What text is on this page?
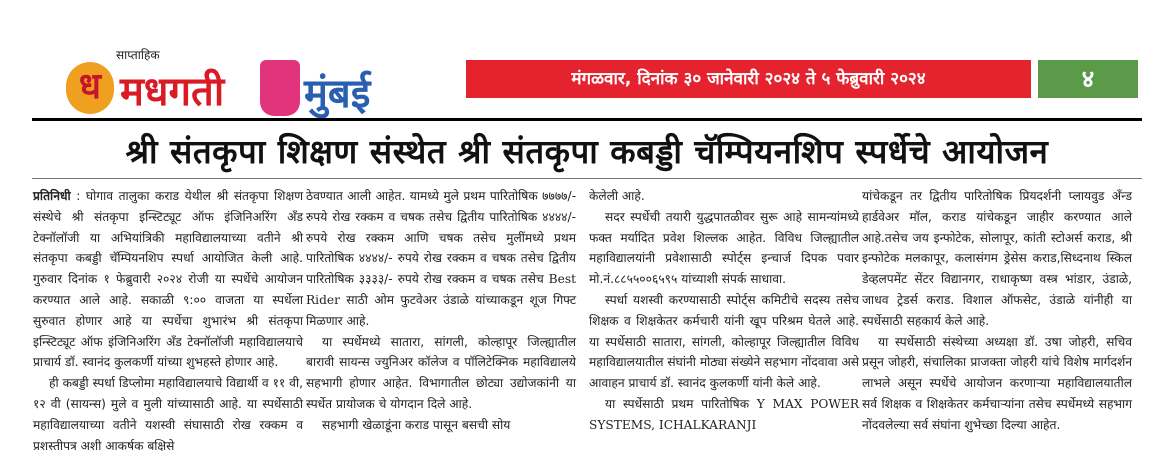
साप्ताहिक
ध मधगती मुंबई	मंगळवार, दिनांक ३० जानेवारी २०२४ ते ५ फेब्रुवारी २०२४	४
श्री संतकृपा शिक्षण संस्थेत श्री संतकृपा कबड्डी चॅम्पियनशिप स्पर्धेचे आयोजन

प्रतिनिधी : घोगाव तालुका कराड येथील श्री संतकृपा शिक्षण संस्थेचे श्री संतकृपा इन्स्टिट्यूट ऑफ इंजिनिअरिंग अँड टेक्नॉलॉजी या अभियांत्रिकी महाविद्यालयाच्या वतीने श्री संतकृपा कबड्डी चॅम्पियनशिप स्पर्धा आयोजित केली आहे. गुरुवार दिनांक १ फेब्रुवारी २०२४ रोजी या स्पर्धेचे आयोजन करण्यात आले आहे. सकाळी ९:०० वाजता या स्पर्धेला सुरुवात होणार आहे या स्पर्धेचा शुभारंभ श्री संतकृपा इन्स्टिट्यूट ऑफ इंजिनिअरिंग अँड टेक्नॉलॉजी महाविद्यालयाचे प्राचार्य डॉ. स्वानंद कुलकर्णी यांच्या शुभहस्ते होणार आहे.

ही कबड्डी स्पर्धा डिप्लोमा महाविद्यालयाचे विद्यार्थी व ११ वी, १२ वी (सायन्स) मुले व मुली यांच्यासाठी आहे. या स्पर्धेसाठी महाविद्यालयाच्या वतीने यशस्वी संघासाठी रोख रक्कम व प्रशस्तीपत्र अशी आकर्षक बक्षिसे

ठेवण्यात आली आहेत. यामध्ये मुले प्रथम पारितोषिक ७७७७/- रुपये रोख रक्कम व चषक तसेच द्वितीय पारितोषिक ४४४४/- रुपये रोख रक्कम आणि चषक तसेच मुलींमध्ये प्रथम पारितोषिक ४४४४/- रुपये रोख रक्कम व चषक तसेच द्वितीय पारितोषिक ३३३३/- रुपये रोख रक्कम व चषक तसेच Best Rider साठी ओम फुटवेअर उंडाळे यांच्याकडून शूज गिफ्ट मिळणार आहे.

या स्पर्धेमध्ये सातारा, सांगली, कोल्हापूर जिल्ह्यातील बारावी सायन्स ज्युनिअर कॉलेज व पॉलिटेक्निक महाविद्यालये सहभागी होणार आहेत. विभागातील छोट्या उद्योजकांनी या स्पर्धेत प्रायोजक चे योगदान दिले आहे.

सहभागी खेळाडूंना कराड पासून बसची सोय

केलेली आहे.

सदर स्पर्धेची तयारी युद्धपातळीवर सुरू आहे सामन्यांमध्ये फक्त मर्यादित प्रवेश शिल्लक आहेत. विविध जिल्ह्यातील महाविद्यालयांनी प्रवेशासाठी स्पोर्ट्स इन्चार्ज दिपक पवार मो.नं.८८५५००६५९५ यांच्याशी संपर्क साधावा.

स्पर्धा यशस्वी करण्यासाठी स्पोर्ट्स कमिटीचे सदस्य तसेच शिक्षक व शिक्षकेतर कर्मचारी यांनी खूप परिश्रम घेतले आहे. या स्पर्धेसाठी सातारा, सांगली, कोल्हापूर जिल्ह्यातील विविध महाविद्यालयातील संघांनी मोठ्या संख्येने सहभाग नोंदवावा असे आवाहन प्राचार्य डॉ. स्वानंद कुलकर्णी यांनी केले आहे.

या स्पर्धेसाठी प्रथम पारितोषिक Y MAX POWER SYSTEMS, ICHALKARANJI

यांचेकडून तर द्वितीय पारितोषिक प्रियदर्शनी प्लायवुड अँन्ड हार्डवेअर मॉल, कराड यांचेकडून जाहीर करण्यात आले आहे.तसेच जय इन्फोटेक, सोलापूर, कांती स्टोअर्स कराड, श्री इन्फोटेक मलकापूर, कलासंगम ड्रेसेस कराड,सिध्दनाथ स्किल डेव्हलपमेंट सेंटर विद्यानगर, राधाकृष्ण वस्त्र भांडार, उंडाळे, जाधव ट्रेडर्स कराड. विशाल ऑफसेट, उंडाळे यांनीही या स्पर्धेसाठी सहकार्य केले आहे.

या स्पर्धेसाठी संस्थेच्या अध्यक्षा डॉ. उषा जोहरी, सचिव प्रसून जोहरी, संचालिका प्राजक्ता जोहरी यांचे विशेष मार्गदर्शन लाभले असून स्पर्धेचे आयोजन करणाऱ्या महाविद्यालयातील सर्व शिक्षक व शिक्षकेतर कर्मचाऱ्यांना तसेच स्पर्धेमध्ये सहभाग नोंदवलेल्या सर्व संघांना शुभेच्छा दिल्या आहेत.
